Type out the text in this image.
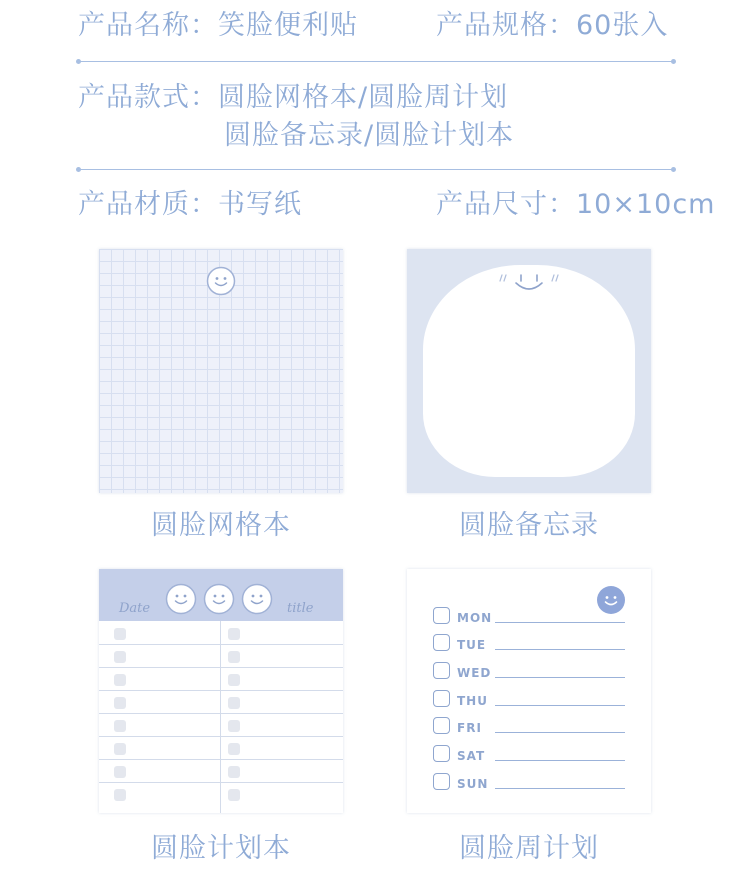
产品名称：笑脸便利贴	产品规格：60张入
产品款式：圆脸网格本/圆脸周计划
圆脸备忘录/圆脸计划本
产品材质：书写纸	产品尺寸：10×10cm
圆脸网格本	圆脸备忘录
Date	title
圆脸计划本
MON
TUE
WED
THU
FRI
SAT
SUN
圆脸周计划
